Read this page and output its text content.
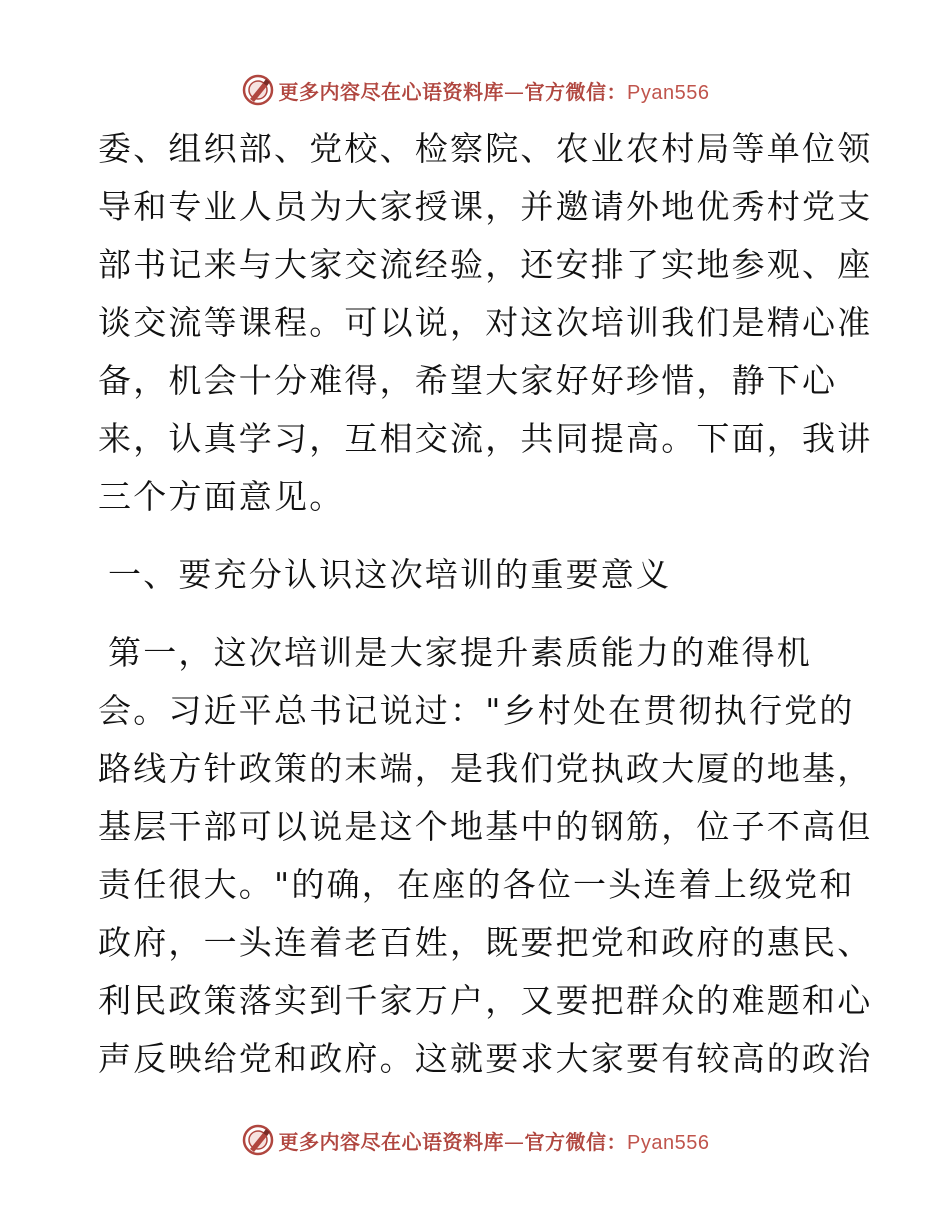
更多内容尽在心语资料库—官方微信：Pyan556
委、组织部、党校、检察院、农业农村局等单位领
导和专业人员为大家授课，并邀请外地优秀村党支
部书记来与大家交流经验，还安排了实地参观、座
谈交流等课程。可以说，对这次培训我们是精心准
备，机会十分难得，希望大家好好珍惜，静下心
来，认真学习，互相交流，共同提高。下面，我讲
三个方面意见。
一、要充分认识这次培训的重要意义
第一，这次培训是大家提升素质能力的难得机
会。习近平总书记说过："乡村处在贯彻执行党的
路线方针政策的末端，是我们党执政大厦的地基，
基层干部可以说是这个地基中的钢筋，位子不高但
责任很大。"的确，在座的各位一头连着上级党和
政府，一头连着老百姓，既要把党和政府的惠民、
利民政策落实到千家万户，又要把群众的难题和心
声反映给党和政府。这就要求大家要有较高的政治
更多内容尽在心语资料库—官方微信：Pyan556
